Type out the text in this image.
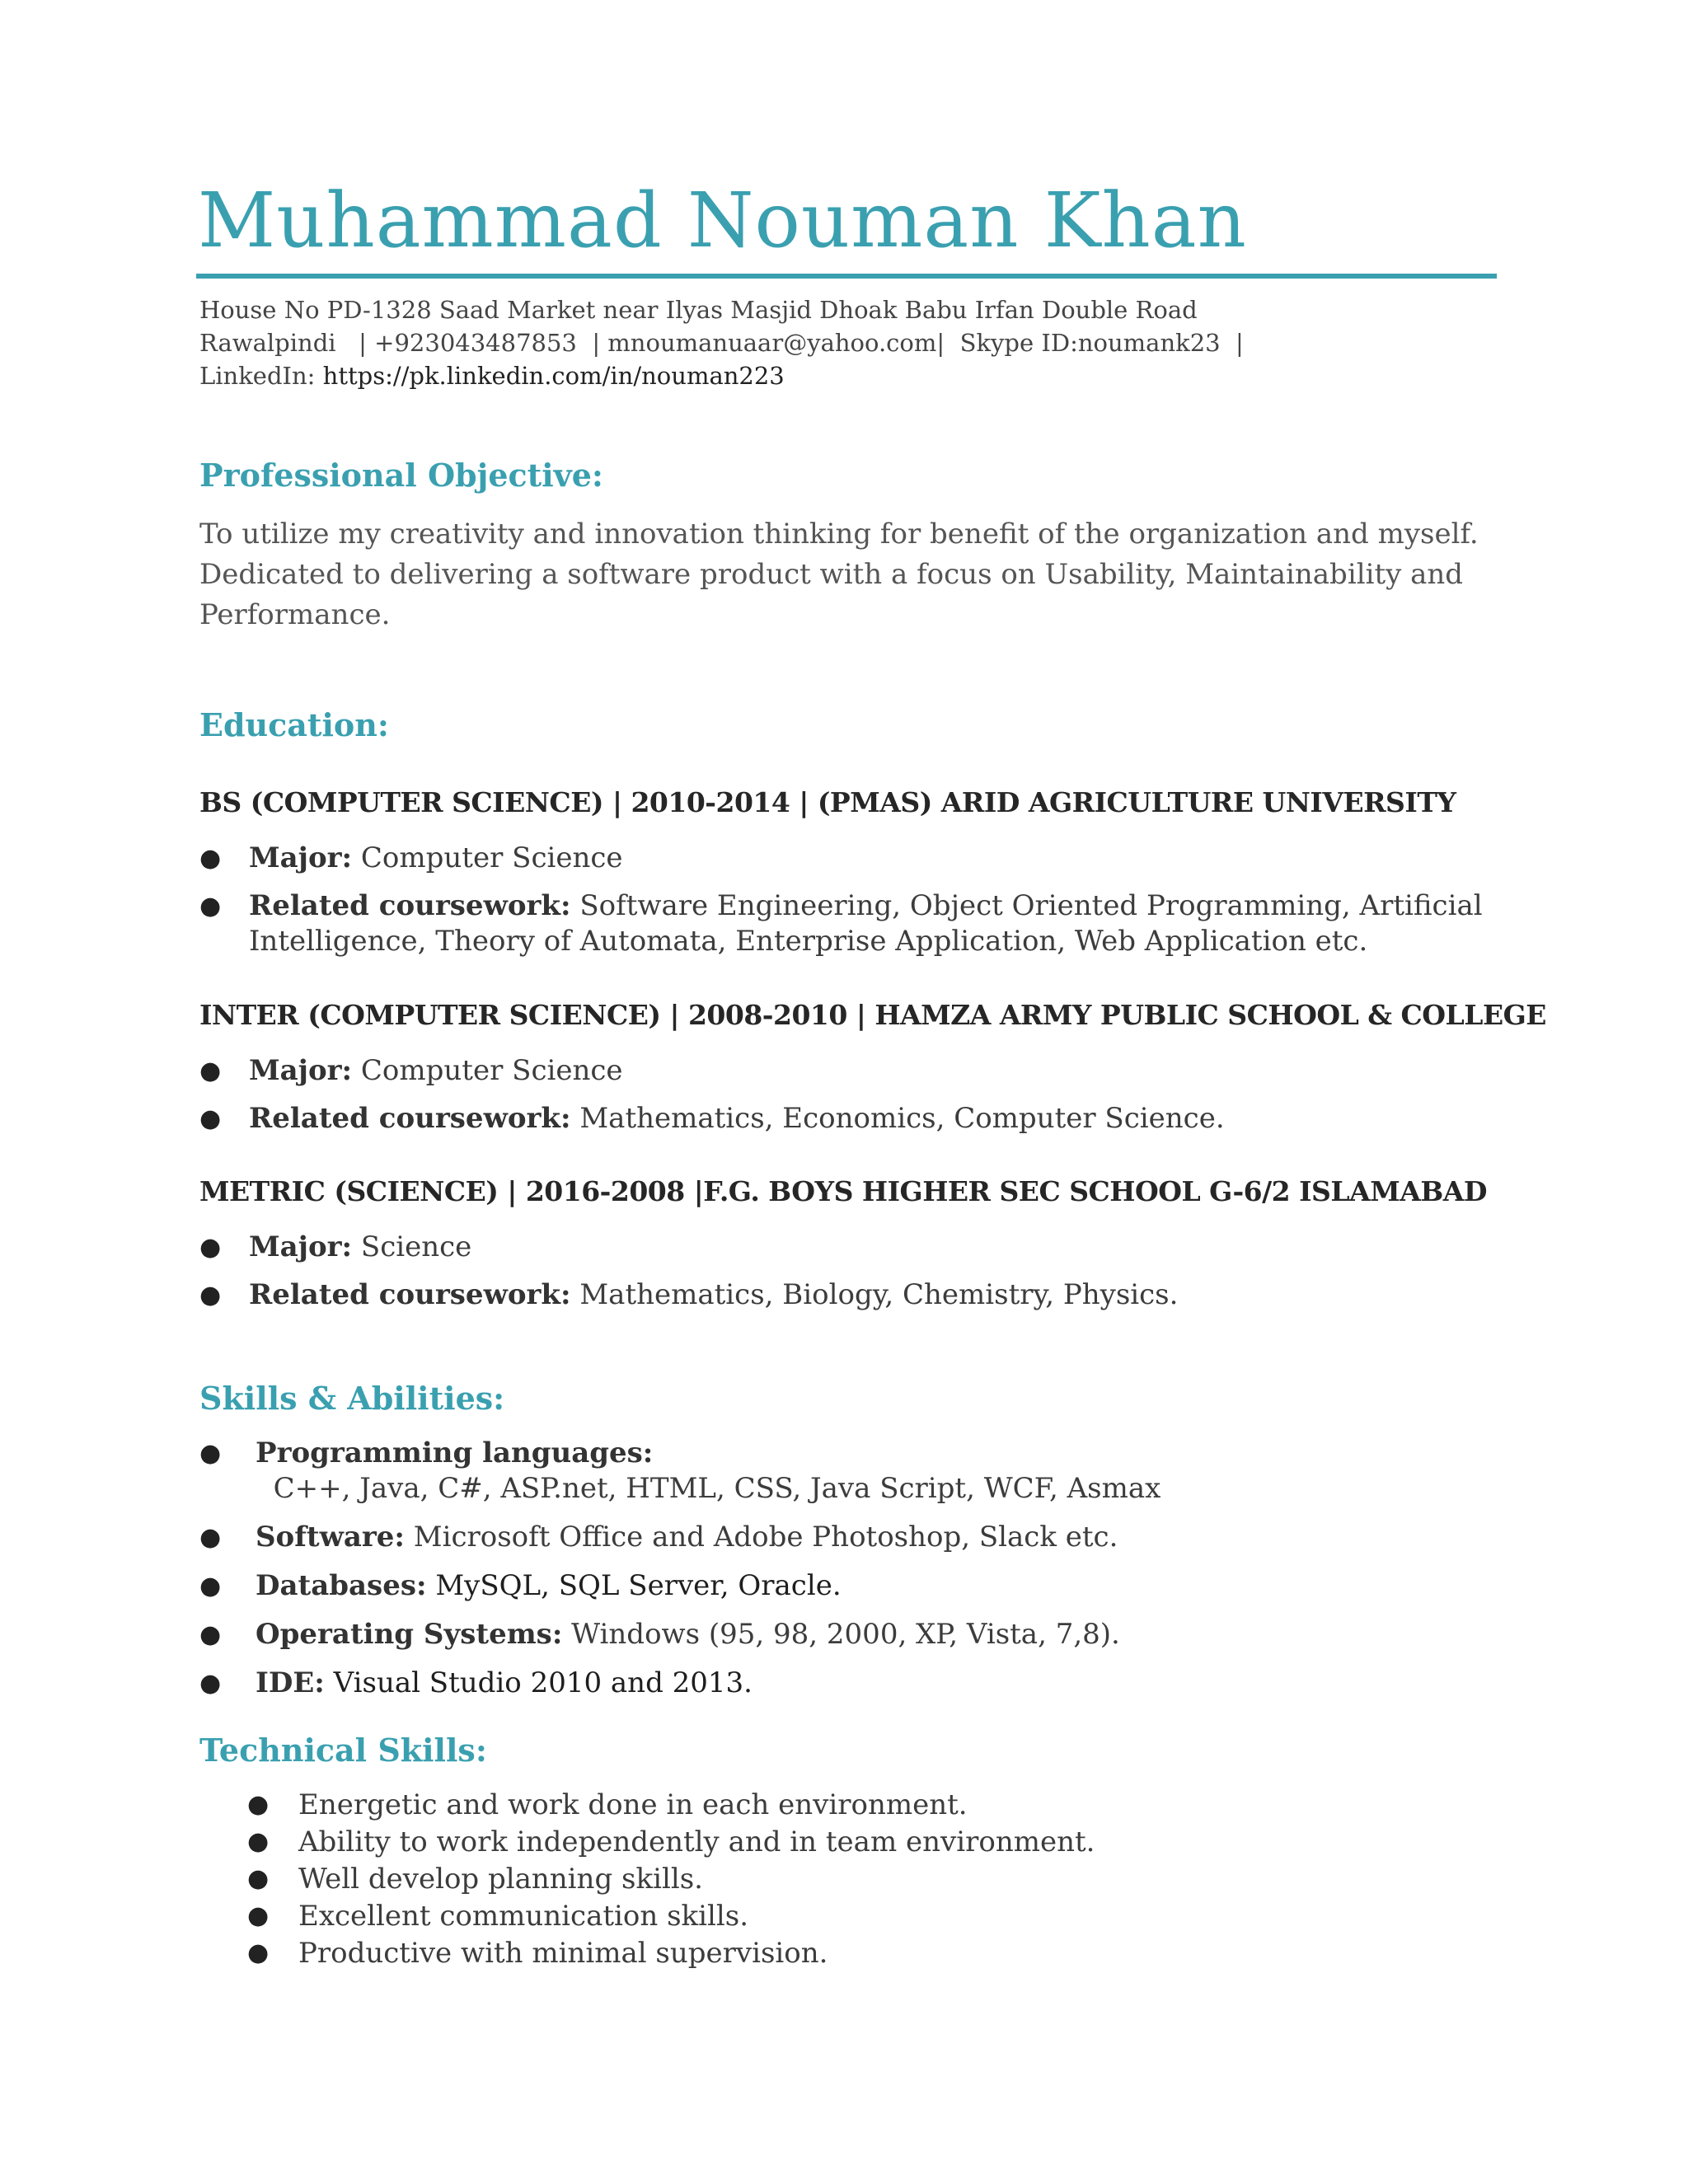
Muhammad Nouman Khan
House No PD-1328 Saad Market near Ilyas Masjid Dhoak Babu Irfan Double Road
Rawalpindi   | +923043487853  | mnoumanuaar@yahoo.com|  Skype ID:noumank23  |
LinkedIn: https://pk.linkedin.com/in/nouman223
Professional Objective:
To utilize my creativity and innovation thinking for benefit of the organization and myself.
Dedicated to delivering a software product with a focus on Usability, Maintainability and
Performance.
Education:
BS (COMPUTER SCIENCE) | 2010-2014 | (PMAS) ARID AGRICULTURE UNIVERSITY
● Major: Computer Science
● Related coursework: Software Engineering, Object Oriented Programming, Artificial
Intelligence, Theory of Automata, Enterprise Application, Web Application etc.
INTER (COMPUTER SCIENCE) | 2008-2010 | HAMZA ARMY PUBLIC SCHOOL & COLLEGE
● Major: Computer Science
● Related coursework: Mathematics, Economics, Computer Science.
METRIC (SCIENCE) | 2016-2008 |F.G. BOYS HIGHER SEC SCHOOL G-6/2 ISLAMABAD
● Major: Science
● Related coursework: Mathematics, Biology, Chemistry, Physics.
Skills & Abilities:
● Programming languages:  C++, Java, C#, ASP.net, HTML, CSS, Java Script, WCF, Asmax
● Software: Microsoft Office and Adobe Photoshop, Slack etc.
● Databases: MySQL, SQL Server, Oracle.
● Operating Systems: Windows (95, 98, 2000, XP, Vista, 7,8).
● IDE: Visual Studio 2010 and 2013.
Technical Skills:
● Energetic and work done in each environment.
● Ability to work independently and in team environment.
● Well develop planning skills.
● Excellent communication skills.
● Productive with minimal supervision.
